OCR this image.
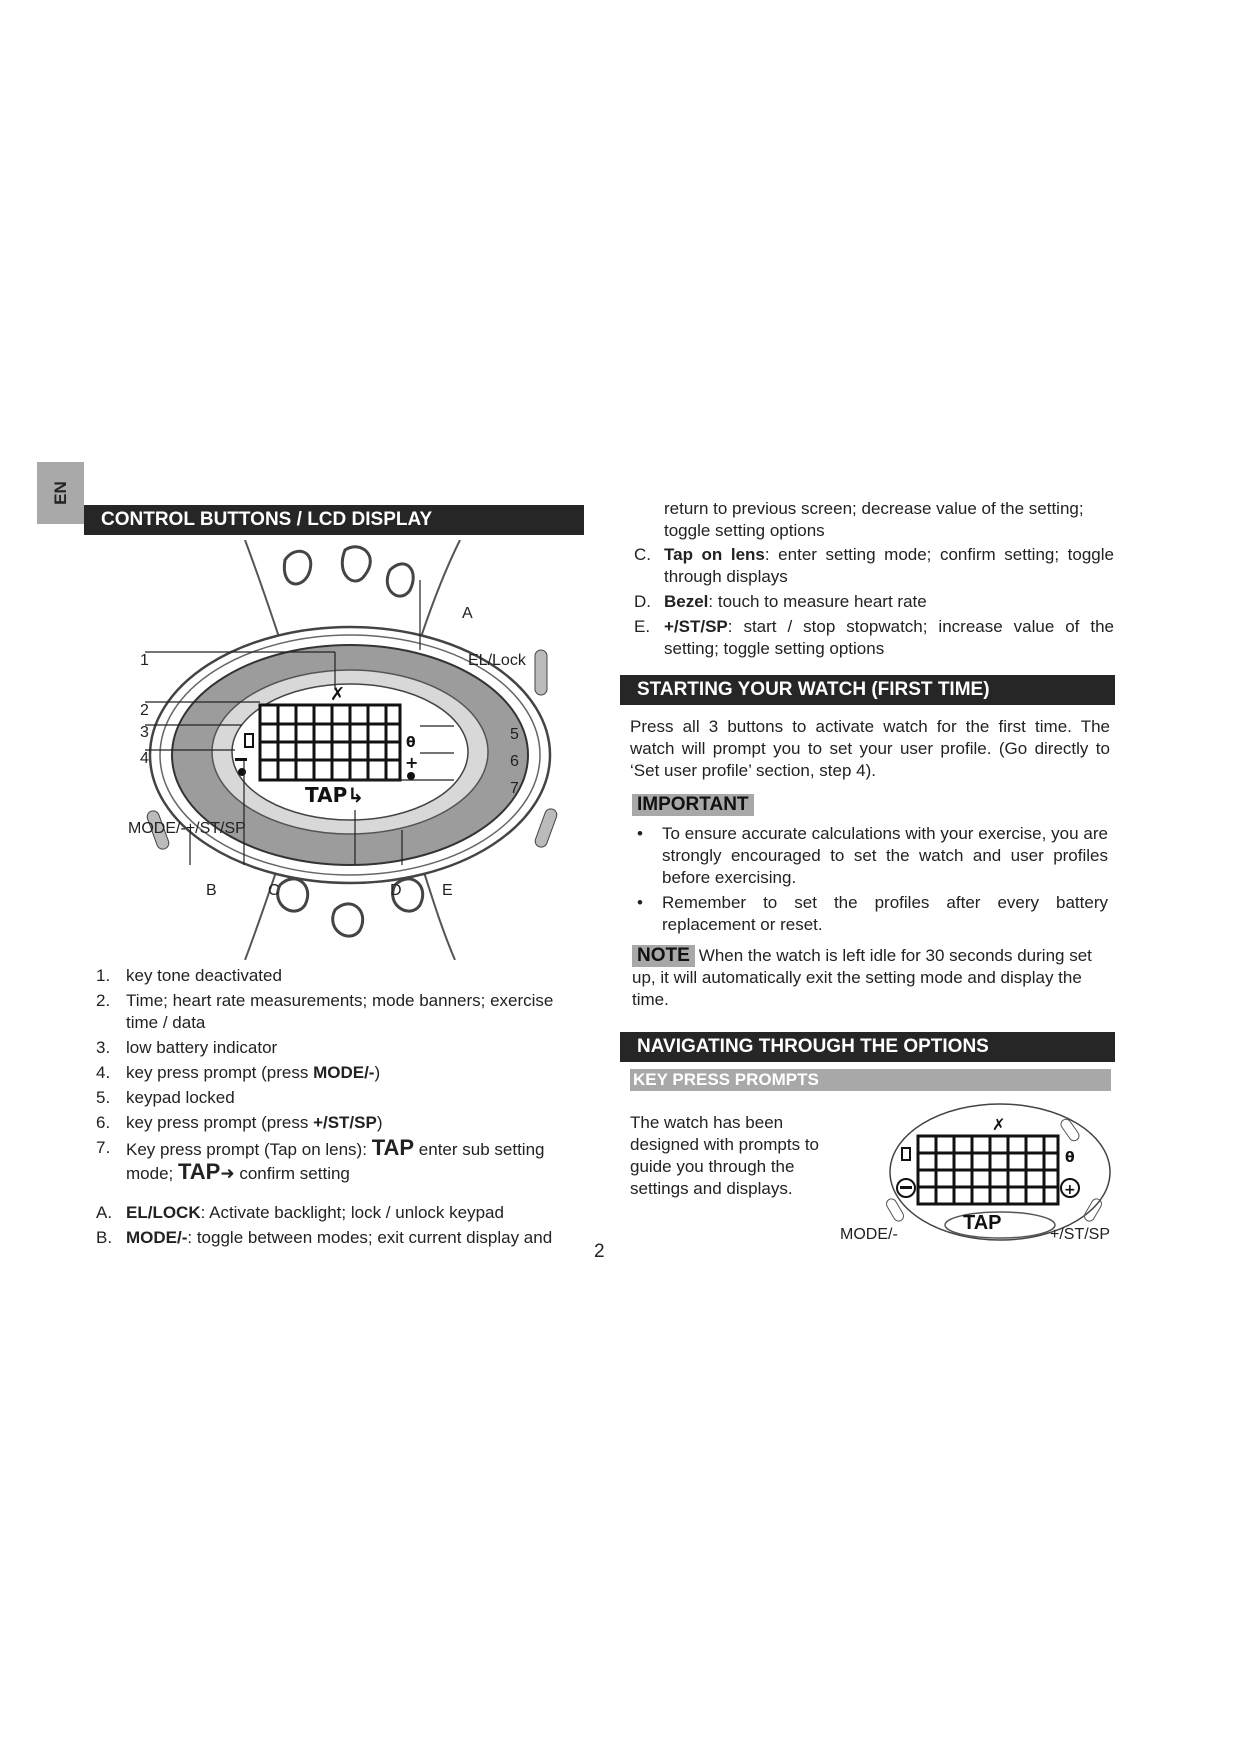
EN
CONTROL BUTTONS / LCD DISPLAY
✗
θ
+
TAP↳
1
2
3
4
5
6
7
A
EL/Lock
MODE/-+/ST/SP
B	C	D	E
1. key tone deactivated
2. Time; heart rate measurements; mode banners; exercise time / data
3. low battery indicator
4. key press prompt (press MODE/-)
5. keypad locked
6. key press prompt (press +/ST/SP)
7. Key press prompt (Tap on lens): TAP enter sub setting mode; TAP➜ confirm setting
A. EL/LOCK: Activate backlight; lock / unlock keypad
B. MODE/-: toggle between modes; exit current display and
2
return to previous screen; decrease value of the setting; toggle setting options
C. Tap on lens: enter setting mode; confirm setting; toggle through displays
D. Bezel: touch to measure heart rate
E. +/ST/SP: start / stop stopwatch; increase value of the setting; toggle setting options
STARTING YOUR WATCH (FIRST TIME)
Press all 3 buttons to activate watch for the first time. The watch will prompt you to set your user profile. (Go directly to ‘Set user profile’ section, step 4).
IMPORTANT
• To ensure accurate calculations with your exercise, you are strongly encouraged to set the watch and user profiles before exercising.
• Remember to set the profiles after every battery replacement or reset.
NOTE When the watch is left idle for 30 seconds during set up, it will automatically exit the setting mode and display the time.
NAVIGATING THROUGH THE OPTIONS
KEY PRESS PROMPTS
The watch has been designed with prompts to guide you through the settings and displays.
✗
θ
+
TAP
MODE/-	+/ST/SP
